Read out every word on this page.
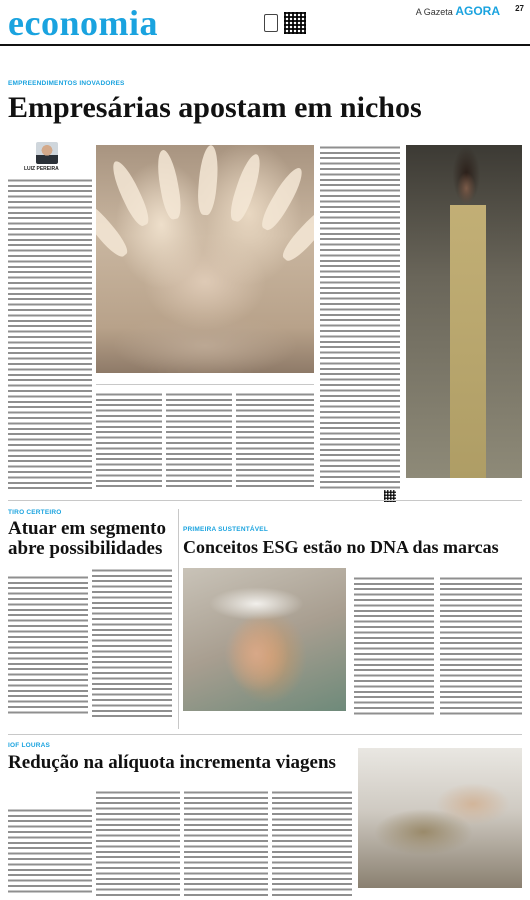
economia	A Gazeta AGORA 27
EMPREENDIMENTOS INOVADORES
Empresárias apostam em nichos
LUIZ PEREIRA
TIRO CERTEIRO
Atuar em segmento abre possibilidades
PRIMEIRA SUSTENTÁVEL
Conceitos ESG estão no DNA das marcas
IOF LOURAS
Redução na alíquota incrementa viagens
